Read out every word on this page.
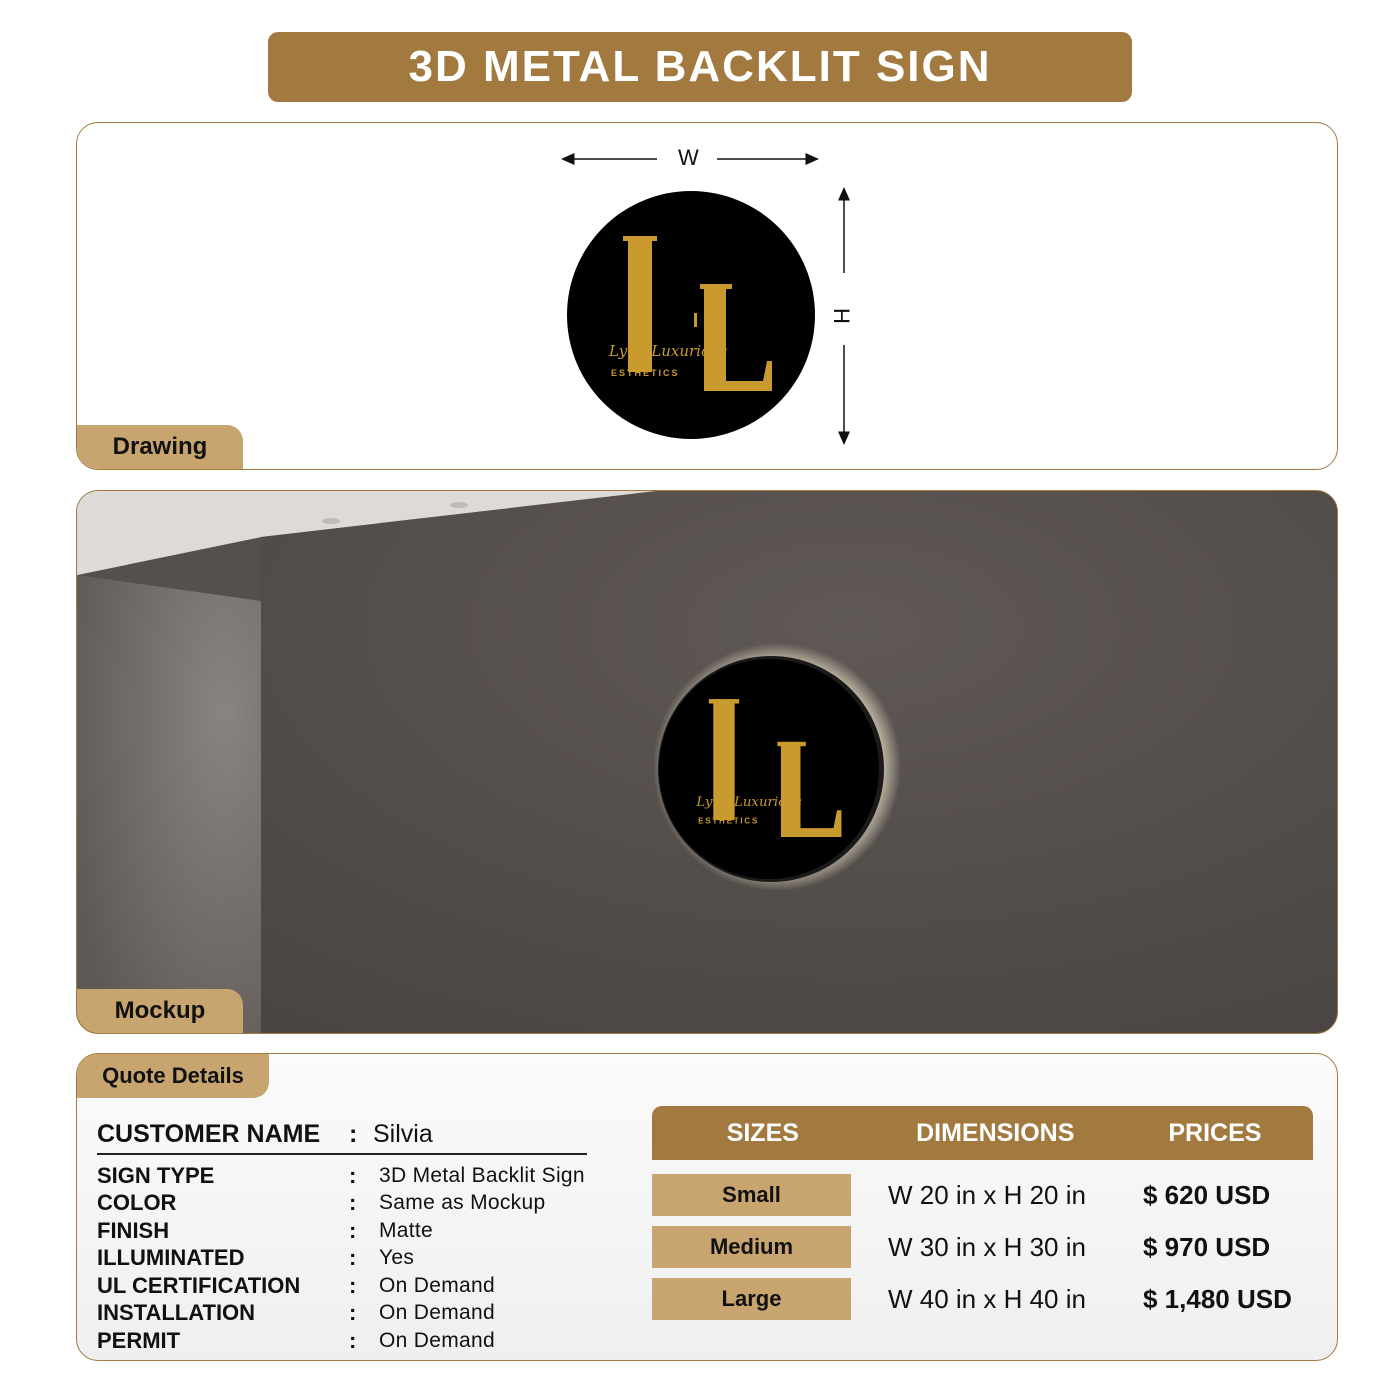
3D METAL BACKLIT SIGN
W
H
Lynn Luxurious
ESTHETICS
Drawing
Lynn Luxurious
ESTHETICS
Mockup
Quote Details
CUSTOMER NAME	: Silvia
SIGN TYPE	:	3D Metal Backlit Sign
COLOR	:	Same as Mockup
FINISH	:	Matte
ILLUMINATED	:	Yes
UL CERTIFICATION	:	On Demand
INSTALLATION	:	On Demand
PERMIT	:	On Demand
SIZES	DIMENSIONS	PRICES
Small	W 20 in x H 20 in	$ 620 USD
Medium	W 30 in x H 30 in	$ 970 USD
Large	W 40 in x H 40 in	$ 1,480 USD
